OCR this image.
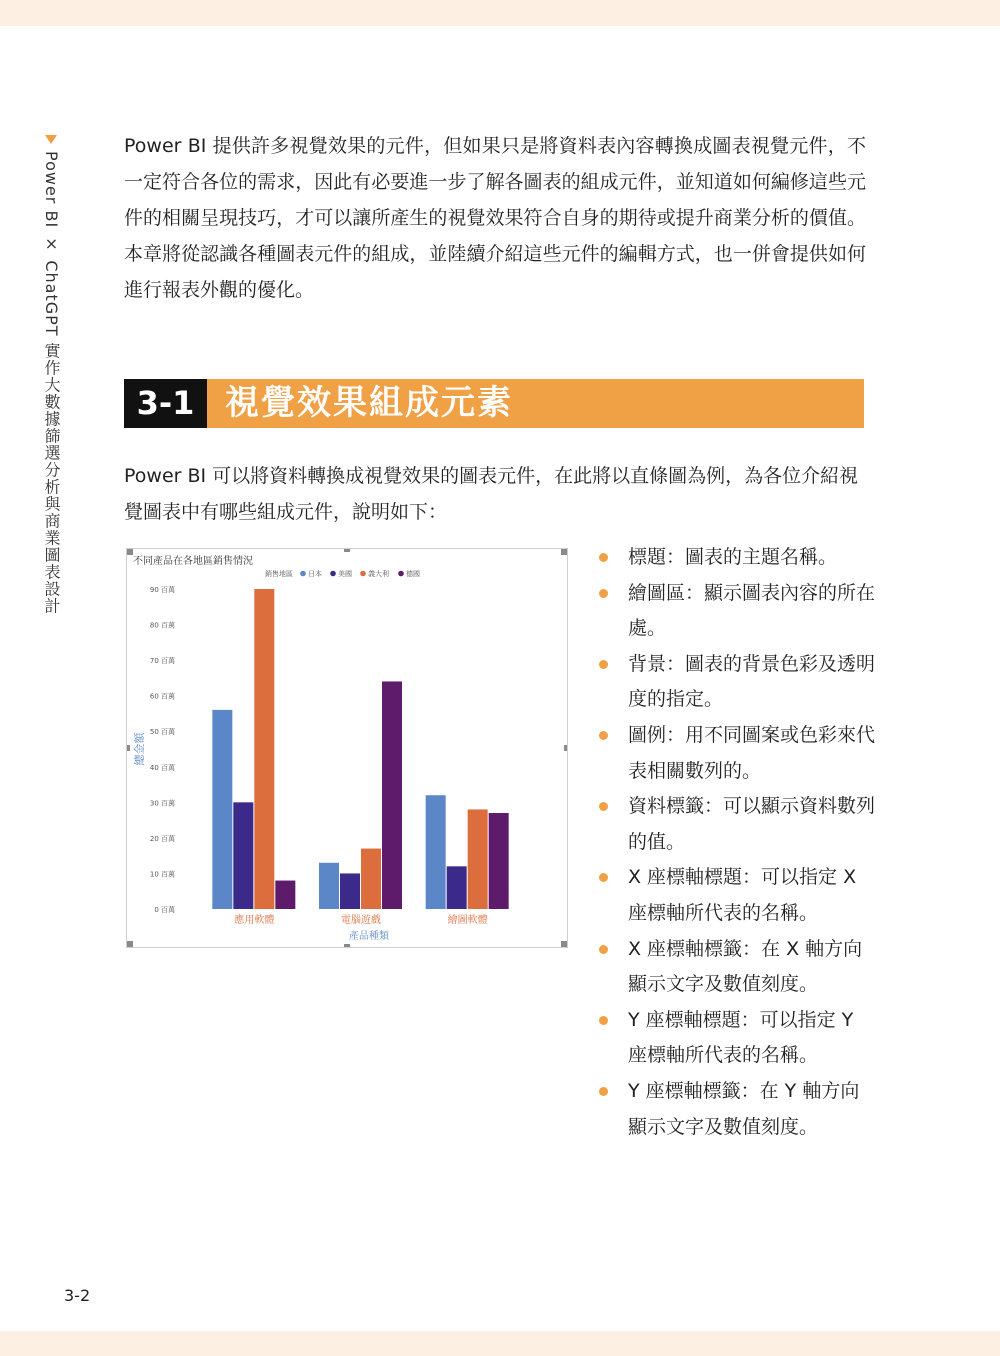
Power BI × ChatGPT 實作大數據篩選分析與商業圖表設計

Power BI 提供許多視覺效果的元件，但如果只是將資料表內容轉換成圖表視覺元件，不一定符合各位的需求，因此有必要進一步了解各圖表的組成元件，並知道如何編修這些元件的相關呈現技巧，才可以讓所產生的視覺效果符合自身的期待或提升商業分析的價值。本章將從認識各種圖表元件的組成，並陸續介紹這些元件的編輯方式，也一併會提供如何進行報表外觀的優化。

3-1 視覺效果組成元素

Power BI 可以將資料轉換成視覺效果的圖表元件，在此將以直條圖為例，為各位介紹視覺圖表中有哪些組成元件，說明如下：

不同產品在各地區銷售情況
銷售地區 日本 美國 義大利 德國
0 百萬
10 百萬
20 百萬
30 百萬
40 百萬
50 百萬
60 百萬
70 百萬
80 百萬
90 百萬
總金額
應用軟體	電腦遊戲	繪圖軟體
產品種類
標題：圖表的主題名稱。
繪圖區：顯示圖表內容的所在處。
背景：圖表的背景色彩及透明度的指定。
圖例：用不同圖案或色彩來代表相關數列的。
資料標籤：可以顯示資料數列的值。
X 座標軸標題：可以指定 X 座標軸所代表的名稱。
X 座標軸標籤：在 X 軸方向顯示文字及數值刻度。
Y 座標軸標題：可以指定 Y 座標軸所代表的名稱。
Y 座標軸標籤：在 Y 軸方向顯示文字及數值刻度。
3-2
